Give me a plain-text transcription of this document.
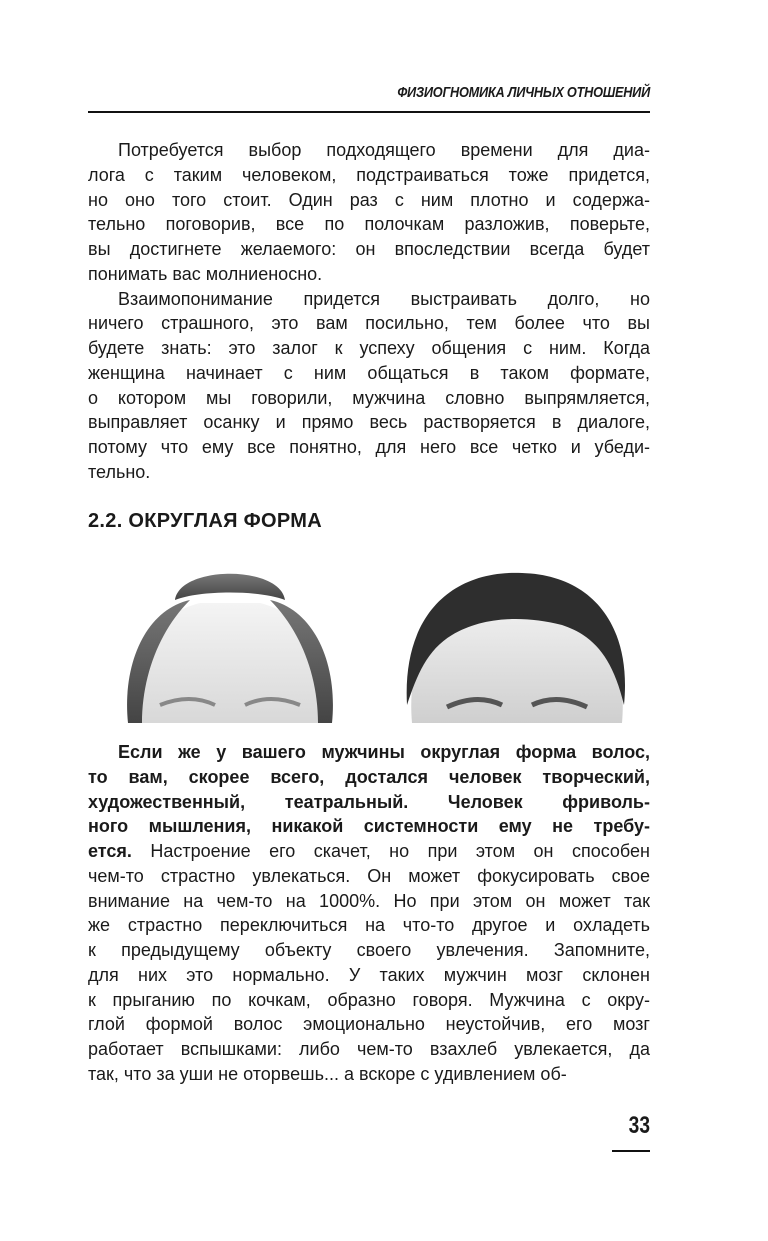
ФИЗИОГНОМИКА ЛИЧНЫХ ОТНОШЕНИЙ
Потребуется выбор подходящего времени для диа-
лога с таким человеком, подстраиваться тоже придется,
но оно того стоит. Один раз с ним плотно и содержа-
тельно поговорив, все по полочкам разложив, поверьте,
вы достигнете желаемого: он впоследствии всегда будет
понимать вас молниеносно.
Взаимопонимание придется выстраивать долго, но
ничего страшного, это вам посильно, тем более что вы
будете знать: это залог к успеху общения с ним. Когда
женщина начинает с ним общаться в таком формате,
о котором мы говорили, мужчина словно выпрямляется,
выправляет осанку и прямо весь растворяется в диалоге,
потому что ему все понятно, для него все четко и убеди-
тельно.
2.2. ОКРУГЛАЯ ФОРМА
Если же у вашего мужчины округлая форма волос,
то вам, скорее всего, достался человек творческий,
художественный, театральный. Человек фриволь-
ного мышления, никакой системности ему не требу-
ется. Настроение его скачет, но при этом он способен
чем-то страстно увлекаться. Он может фокусировать свое
внимание на чем-то на 1000%. Но при этом он может так
же страстно переключиться на что-то другое и охладеть
к предыдущему объекту своего увлечения. Запомните,
для них это нормально. У таких мужчин мозг склонен
к прыганию по кочкам, образно говоря. Мужчина с окру-
глой формой волос эмоционально неустойчив, его мозг
работает вспышками: либо чем-то взахлеб увлекается, да
так, что за уши не оторвешь... а вскоре с удивлением об-
33
